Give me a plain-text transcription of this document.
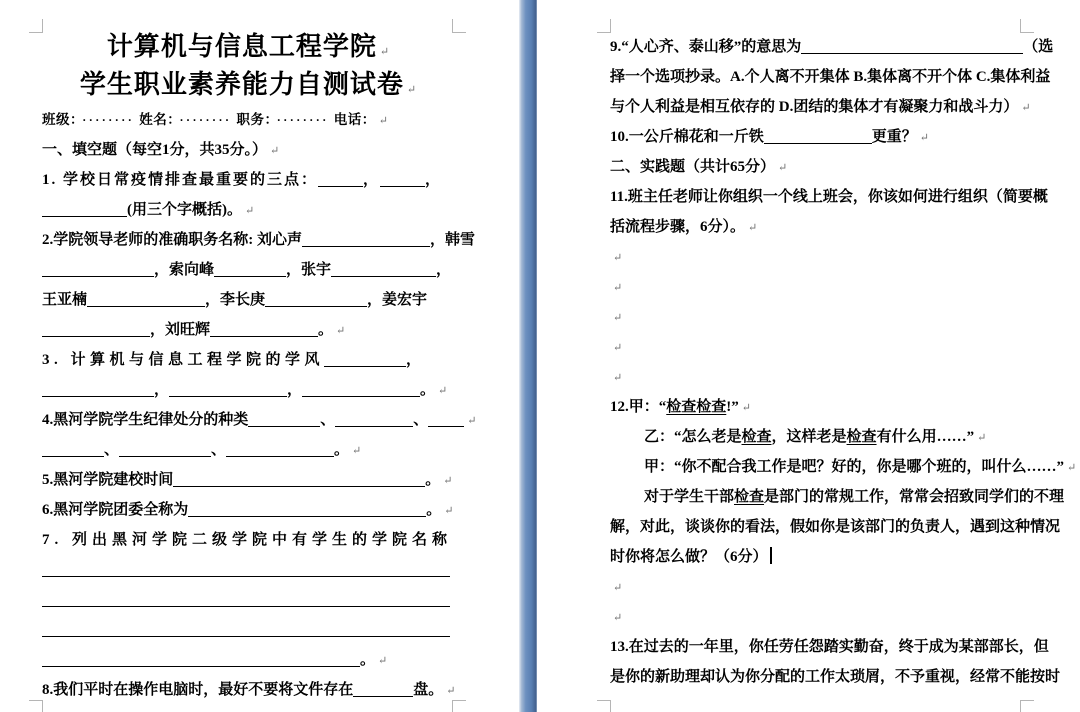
计算机与信息工程学院 ↵
学生职业素养能力自测试卷 ↵
班级： ········ 姓名： ········ 职务： ········ 电话： ↵
一、填空题（每空1分，共35分。） ↵
1. 学校日常疫情排查最重要的三点：	，	，
(用三个字概括)。 ↵
2.学院领导老师的准确职务名称: 刘心声	，韩雪
，索向峰	，张宇	，
王亚楠	，李长庚	，姜宏宇
，刘旺辉	。 ↵
3. 计算机与信息工程学院的学风	，
，	，	。 ↵
4.黑河学院学生纪律处分的种类	、	、	↵
、	、	。 ↵
5.黑河学院建校时间	。 ↵
6.黑河学院团委全称为	。 ↵
7. 列出黑河学院二级学院中有学生的学院名称
。 ↵
8.我们平时在操作电脑时，最好不要将文件存在	盘。 ↵
9.“人心齐、泰山移”的意思为	（选
择一个选项抄录。A.个人离不开集体 B.集体离不开个体 C.集体利益
与个人利益是相互依存的 D.团结的集体才有凝聚力和战斗力） ↵
10.一公斤棉花和一斤铁	更重？ ↵
二、实践题（共计65分） ↵
11.班主任老师让你组织一个线上班会，你该如何进行组织（简要概
括流程步骤，6分）。 ↵
↵
↵
↵
↵
↵
12.甲：“检查检查!” ↵
乙：“怎么老是检查，这样老是检查有什么用……” ↵
甲：“你不配合我工作是吧？好的，你是哪个班的，叫什么……” ↵
对于学生干部检查是部门的常规工作，常常会招致同学们的不理
解，对此，谈谈你的看法，假如你是该部门的负责人，遇到这种情况
时你将怎么做？（6分）
↵
↵
13.在过去的一年里，你任劳任怨踏实勤奋，终于成为某部部长，但
是你的新助理却认为你分配的工作太琐屑，不予重视，经常不能按时
